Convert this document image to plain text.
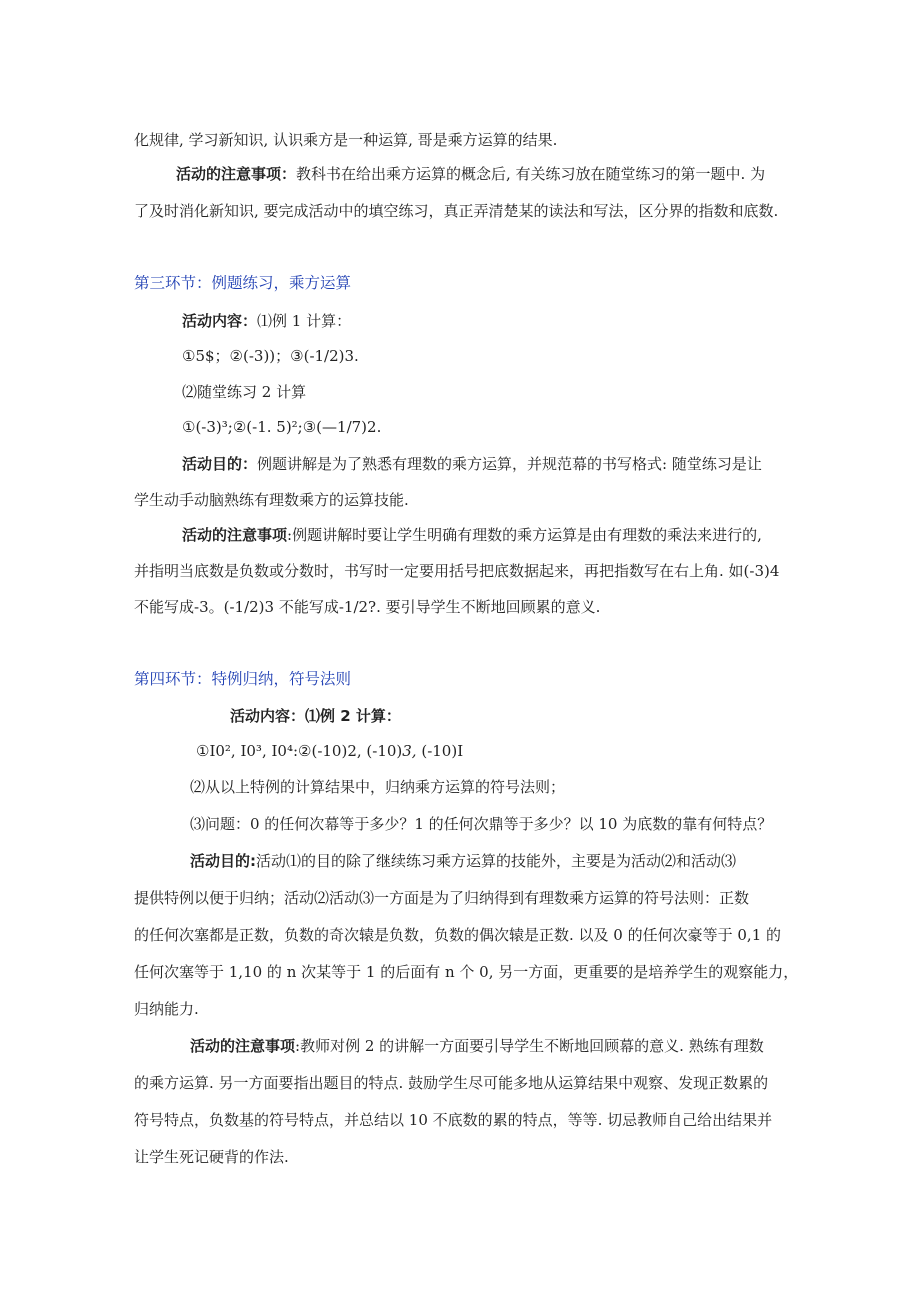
化规律, 学习新知识, 认识乘方是一种运算, 哥是乘方运算的结果.
活动的注意事项：教科书在给出乘方运算的概念后, 有关练习放在随堂练习的第一题中. 为
了及时消化新知识, 要完成活动中的填空练习，真正弄清楚某的读法和写法，区分界的指数和底数.
第三环节：例题练习，乘方运算
活动内容：⑴例 1 计算：
①5$；②(-3))；③(-1/2)3.
⑵随堂练习 2 计算
①(-3)³;②(-1. 5)²;③(—1/7)2.
活动目的：例题讲解是为了熟悉有理数的乘方运算，并规范幕的书写格式: 随堂练习是让
学生动手动脑熟练有理数乘方的运算技能.
活动的注意事项:例题讲解时要让学生明确有理数的乘方运算是由有理数的乘法来进行的,
并指明当底数是负数或分数时，书写时一定要用括号把底数据起来，再把指数写在右上角. 如(-3)4
不能写成-3。(-1/2)3 不能写成-1/2?. 要引导学生不断地回顾累的意义.
第四环节：特例归纳，符号法则
活动内容：⑴例 2 计算：
①I0², I0³, I0⁴:②(-10)2, (-10)3, (-10)I
⑵从以上特例的计算结果中，归纳乘方运算的符号法则；
⑶问题：0 的任何次幕等于多少？1 的任何次鼎等于多少？以 10 为底数的靠有何特点？
活动目的:活动⑴的目的除了继续练习乘方运算的技能外，主要是为活动⑵和活动⑶
提供特例以便于归纳；活动⑵活动⑶一方面是为了归纳得到有理数乘方运算的符号法则：正数
的任何次塞都是正数，负数的奇次辕是负数，负数的偶次辕是正数. 以及 0 的任何次豪等于 0,1 的
任何次塞等于 1,10 的 n 次某等于 1 的后面有 n 个 0, 另一方面，更重要的是培养学生的观察能力，
归纳能力.
活动的注意事项:教师对例 2 的讲解一方面要引导学生不断地回顾幕的意义. 熟练有理数
的乘方运算. 另一方面要指出题目的特点. 鼓励学生尽可能多地从运算结果中观察、发现正数累的
符号特点，负数基的符号特点，并总结以 10 不底数的累的特点，等等. 切忌教师自己给出结果并
让学生死记硬背的作法.
